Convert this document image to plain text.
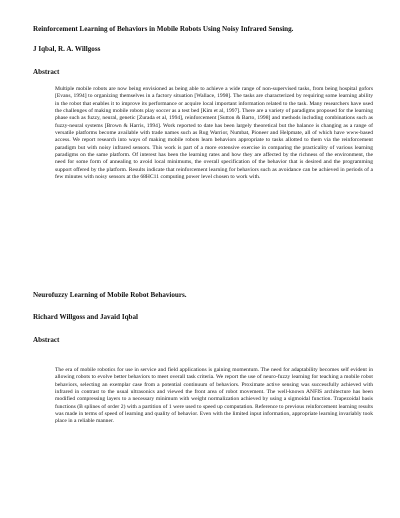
Reinforcement Learning of Behaviors in Mobile Robots Using Noisy Infrared Sensing.
J Iqbal, R. A. Willgoss
Abstract
Multiple mobile robots are now being envisioned as being able to achieve a wide range of non-supervised tasks, from being hospital gofors [Evans, 1994] to organizing themselves in a factory situation [Wallace, 1998]. The tasks are characterized by requiring some learning ability in the robot that enables it to improve its performance or acquire local important information related to the task. Many researchers have used the challenges of making mobile robots play soccer as a test bed [Kim et al, 1997]. There are a variety of paradigms proposed for the learning phase such as fuzzy, neural, genetic [Zurada et al, 1994], reinforcement [Sutton & Barto, 1998] and methods including combinations such as fuzzy-neural systems [Brown & Harris, 1994]. Work reported to date has been largely theoretical but the balance is changing as a range of versatile platforms become available with trade names such as Rug Warrior, Numbat, Pioneer and Helpmate, all of which have www-based access. We report research into ways of making mobile robots learn behaviors appropriate to tasks allotted to them via the reinforcement paradigm but with noisy infrared sensors. This work is part of a more extensive exercise in comparing the practicality of various learning paradigms on the same platform. Of interest has been the learning rates and how they are affected by the richness of the environment, the need for some form of annealing to avoid local minimums, the overall specification of the behavior that is desired and the programming support offered by the platform. Results indicate that reinforcement learning for behaviors such as avoidance can be achieved in periods of a few minutes with noisy sensors at the 68HC11 computing power level chosen to work with.
Neurofuzzy Learning of Mobile Robot Behaviours.
Richard Willgoss and Javaid Iqbal
Abstract
The era of mobile robotics for use in service and field applications is gaining momentum. The need for adaptability becomes self evident in allowing robots to evolve better behaviors to meet overall task criteria. We report the use of neuro-fuzzy learning for teaching a mobile robot behaviors, selecting an exemplar case from a potential continuum of behaviors. Proximate active sensing was successfully achieved with infrared in contrast to the usual ultrasonics and viewed the front area of robot movement. The well-known ANFIS architecture has been modified compressing layers to a necessary minimum with weight normalization achieved by using a sigmoidal function. Trapezoidal basis functions (B splines of order 2) with a partition of 1 were used to speed up computation. Reference to previous reinforcement learning results was made in terms of speed of learning and quality of behavior. Even with the limited input information, appropriate learning invariably took place in a reliable manner.
